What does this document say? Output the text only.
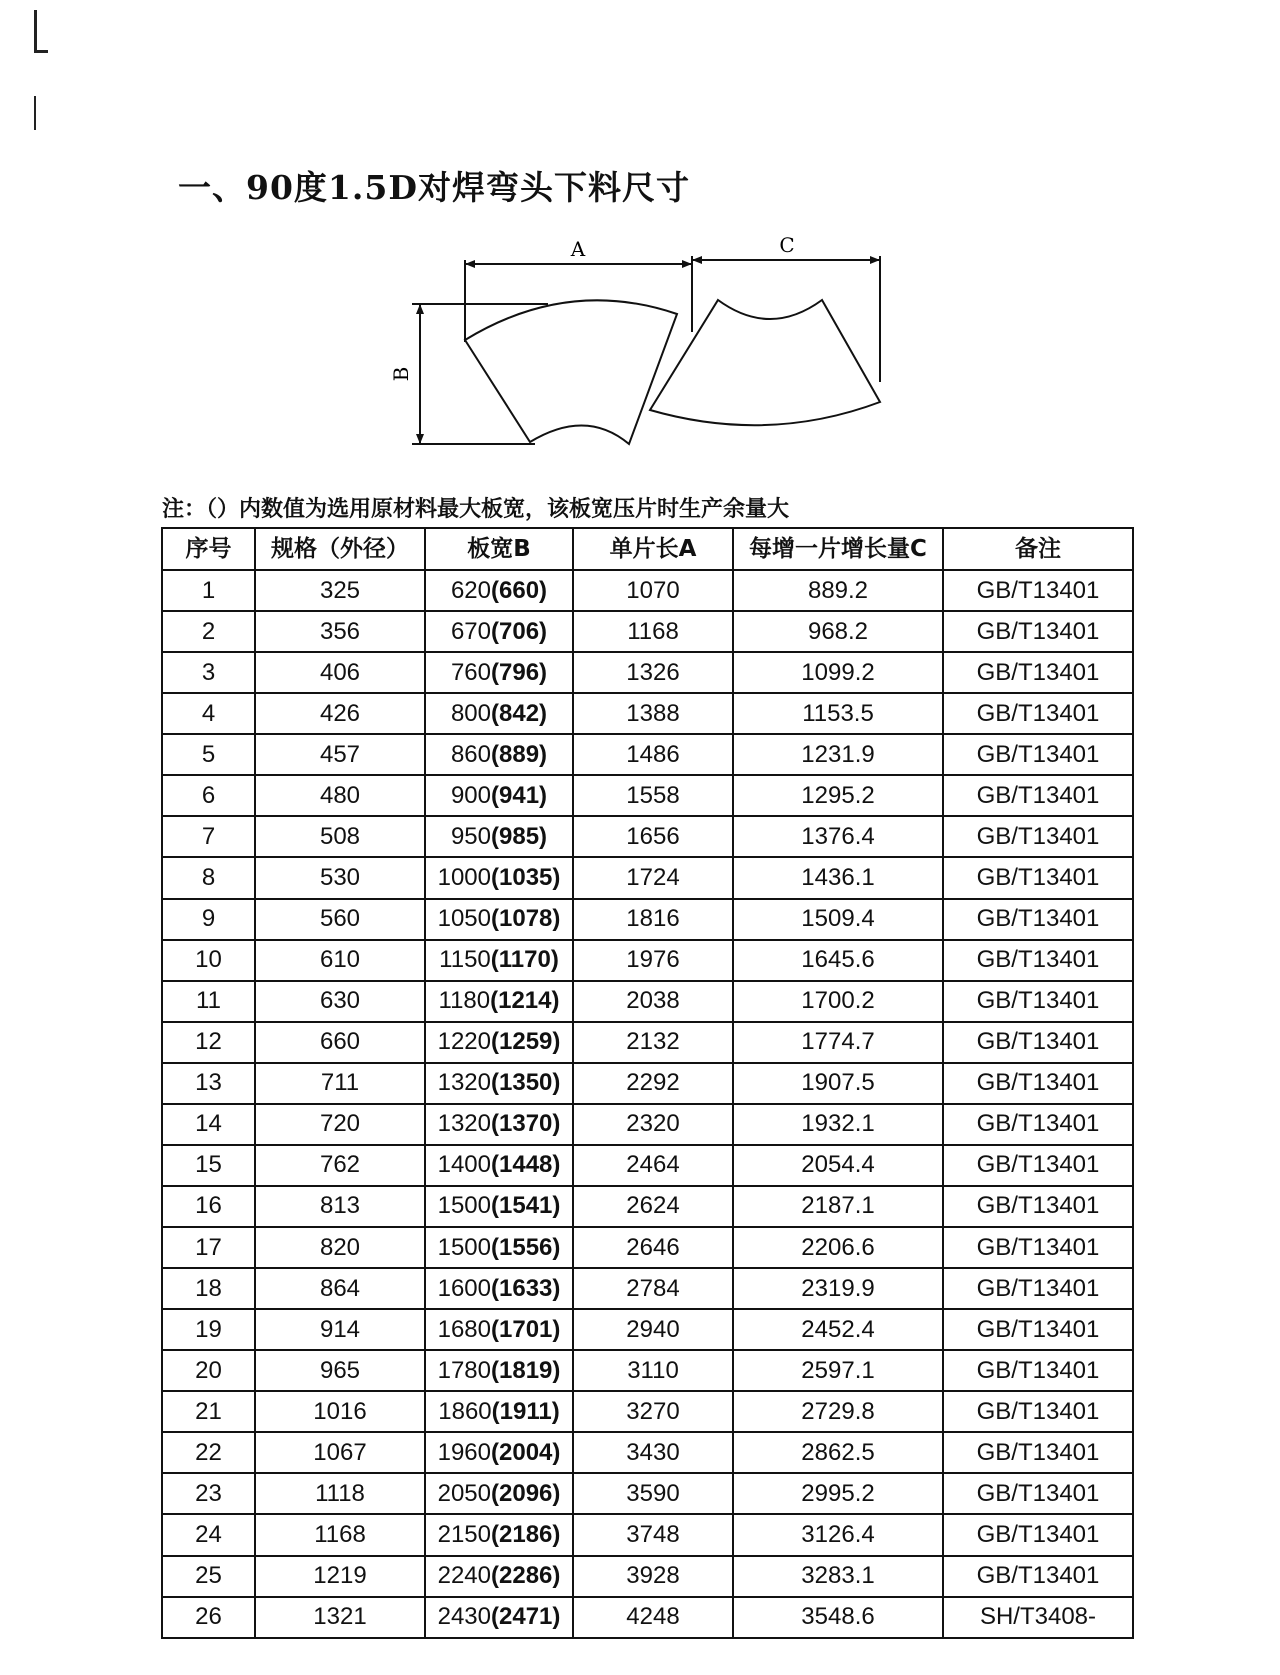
一、90度1.5D对焊弯头下料尺寸
A	C
B
注：（）内数值为选用原材料最大板宽，该板宽压片时生产余量大
序号	规格（外径）	板宽B	单片长A	每增一片增长量C	备注
1	325	620(660)	1070	889.2	GB/T13401
2	356	670(706)	1168	968.2	GB/T13401
3	406	760(796)	1326	1099.2	GB/T13401
4	426	800(842)	1388	1153.5	GB/T13401
5	457	860(889)	1486	1231.9	GB/T13401
6	480	900(941)	1558	1295.2	GB/T13401
7	508	950(985)	1656	1376.4	GB/T13401
8	530	1000(1035)	1724	1436.1	GB/T13401
9	560	1050(1078)	1816	1509.4	GB/T13401
10	610	1150(1170)	1976	1645.6	GB/T13401
11	630	1180(1214)	2038	1700.2	GB/T13401
12	660	1220(1259)	2132	1774.7	GB/T13401
13	711	1320(1350)	2292	1907.5	GB/T13401
14	720	1320(1370)	2320	1932.1	GB/T13401
15	762	1400(1448)	2464	2054.4	GB/T13401
16	813	1500(1541)	2624	2187.1	GB/T13401
17	820	1500(1556)	2646	2206.6	GB/T13401
18	864	1600(1633)	2784	2319.9	GB/T13401
19	914	1680(1701)	2940	2452.4	GB/T13401
20	965	1780(1819)	3110	2597.1	GB/T13401
21	1016	1860(1911)	3270	2729.8	GB/T13401
22	1067	1960(2004)	3430	2862.5	GB/T13401
23	1118	2050(2096)	3590	2995.2	GB/T13401
24	1168	2150(2186)	3748	3126.4	GB/T13401
25	1219	2240(2286)	3928	3283.1	GB/T13401
26	1321	2430(2471)	4248	3548.6	SH/T3408-
